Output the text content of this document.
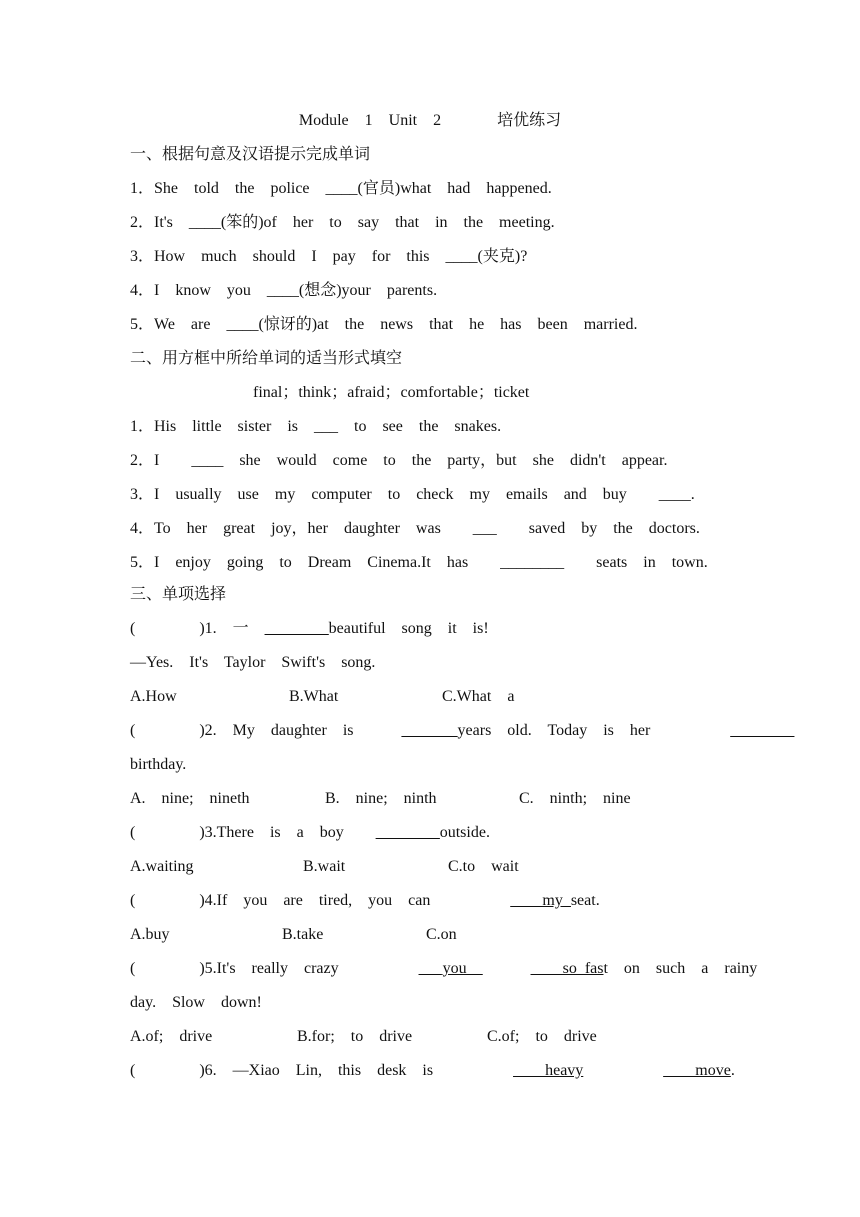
Module  1  Unit  2       培优练习
一、根据句意及汉语提示完成单词
1．She  told  the  police  ____(官员)what  had  happened.
2．It's  ____(笨的)of  her  to  say  that  in  the  meeting.
3．How  much  should  I  pay  for  this  ____(夹克)?
4．I  know  you  ____(想念)your  parents.
5．We  are  ____(惊讶的)at  the  news  that  he  has  been  married.
二、用方框中所给单词的适当形式填空
final；think；afraid；comfortable；ticket
1．His  little  sister  is  ___  to  see  the  snakes.
2．I    ____  she  would  come  to  the  party，but  she  didn't  appear.
3．I  usually  use  my  computer  to  check  my  emails  and  buy    ____.
4．To  her  great  joy，her  daughter  was    ___    saved  by  the  doctors.
5．I  enjoy  going  to  Dream  Cinema.It  has    ________    seats  in  town.
三、单项选择
(        )1.  一  ________beautiful  song  it  is!
—Yes.  It's  Taylor  Swift's  song.
A.How	B.What	C.What  a
(        )2.  My  daughter  is      _______years  old.  Today  is  her          ________
birthday.
A.  nine;  nineth	B.  nine;  ninth	C.  ninth;  nine
(        )3.There  is  a  boy    ________outside.
A.waiting	B.wait	C.to  wait
(        )4.If  you  are  tired,  you  can          ____my_seat.
A.buy	B.take	C.on
(        )5.It's  really  crazy          ___you__	____so fast  on  such  a  rainy
day.  Slow  down!
A.of;  drive	B.for;  to  drive	C.of;  to  drive
(        )6.  —Xiao  Lin,  this  desk  is          ____heavy	____move.
